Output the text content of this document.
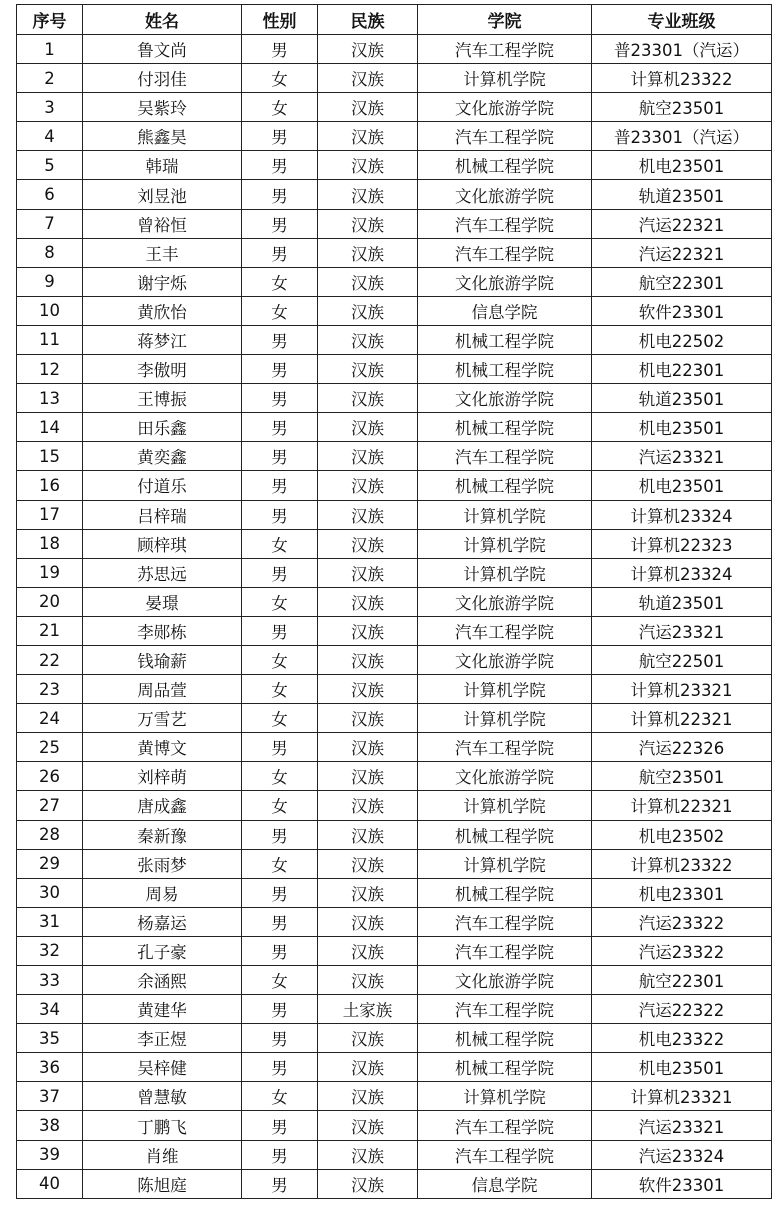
序号	姓名	性别	民族	学院	专业班级
1	鲁文尚	男	汉族	汽车工程学院	普23301（汽运）
2	付羽佳	女	汉族	计算机学院	计算机23322
3	吴紫玲	女	汉族	文化旅游学院	航空23501
4	熊鑫昊	男	汉族	汽车工程学院	普23301（汽运）
5	韩瑞	男	汉族	机械工程学院	机电23501
6	刘昱池	男	汉族	文化旅游学院	轨道23501
7	曾裕恒	男	汉族	汽车工程学院	汽运22321
8	王丰	男	汉族	汽车工程学院	汽运22321
9	谢宇烁	女	汉族	文化旅游学院	航空22301
10	黄欣怡	女	汉族	信息学院	软件23301
11	蒋梦江	男	汉族	机械工程学院	机电22502
12	李傲明	男	汉族	机械工程学院	机电22301
13	王博振	男	汉族	文化旅游学院	轨道23501
14	田乐鑫	男	汉族	机械工程学院	机电23501
15	黄奕鑫	男	汉族	汽车工程学院	汽运23321
16	付道乐	男	汉族	机械工程学院	机电23501
17	吕梓瑞	男	汉族	计算机学院	计算机23324
18	顾梓琪	女	汉族	计算机学院	计算机22323
19	苏思远	男	汉族	计算机学院	计算机23324
20	晏璟	女	汉族	文化旅游学院	轨道23501
21	李郧栋	男	汉族	汽车工程学院	汽运23321
22	钱瑜薪	女	汉族	文化旅游学院	航空22501
23	周品萱	女	汉族	计算机学院	计算机23321
24	万雪艺	女	汉族	计算机学院	计算机22321
25	黄博文	男	汉族	汽车工程学院	汽运22326
26	刘梓萌	女	汉族	文化旅游学院	航空23501
27	唐成鑫	女	汉族	计算机学院	计算机22321
28	秦新豫	男	汉族	机械工程学院	机电23502
29	张雨梦	女	汉族	计算机学院	计算机23322
30	周易	男	汉族	机械工程学院	机电23301
31	杨嘉运	男	汉族	汽车工程学院	汽运23322
32	孔子豪	男	汉族	汽车工程学院	汽运23322
33	余涵熙	女	汉族	文化旅游学院	航空22301
34	黄建华	男	土家族	汽车工程学院	汽运22322
35	李正煜	男	汉族	机械工程学院	机电23322
36	吴梓健	男	汉族	机械工程学院	机电23501
37	曾慧敏	女	汉族	计算机学院	计算机23321
38	丁鹏飞	男	汉族	汽车工程学院	汽运23321
39	肖维	男	汉族	汽车工程学院	汽运23324
40	陈旭庭	男	汉族	信息学院	软件23301
